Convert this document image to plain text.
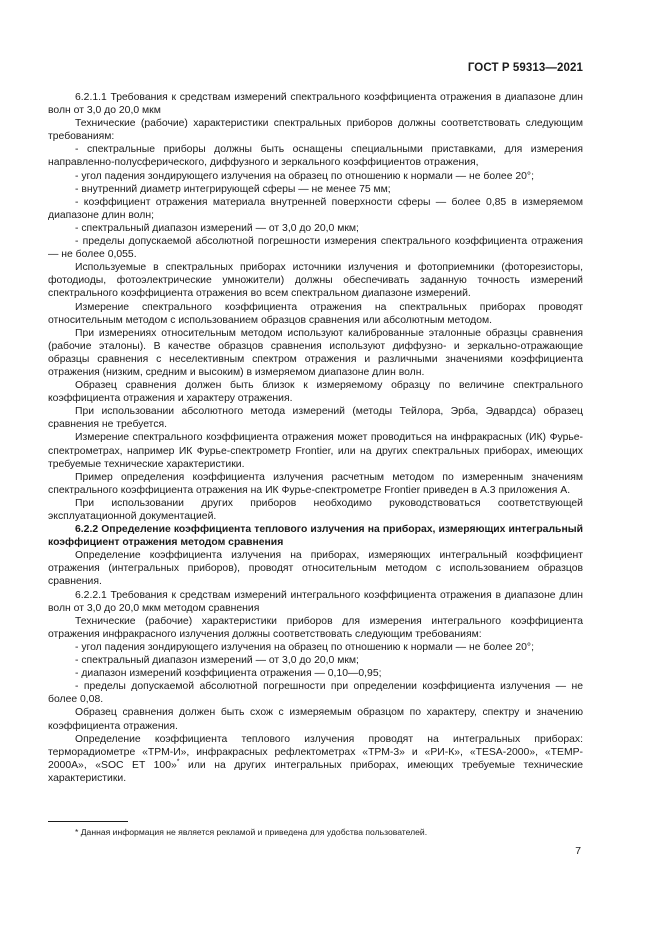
ГОСТ Р 59313—2021

6.2.1.1 Требования к средствам измерений спектрального коэффициента отражения в диапазоне длин волн от 3,0 до 20,0 мкм

Технические (рабочие) характеристики спектральных приборов должны соответствовать следующим требованиям:

- спектральные приборы должны быть оснащены специальными приставками, для измерения направленно-полусферического, диффузного и зеркального коэффициентов отражения,

- угол падения зондирующего излучения на образец по отношению к нормали — не более 20°;

- внутренний диаметр интегрирующей сферы — не менее 75 мм;

- коэффициент отражения материала внутренней поверхности сферы — более 0,85 в измеряемом диапазоне длин волн;

- спектральный диапазон измерений — от 3,0 до 20,0 мкм;

- пределы допускаемой абсолютной погрешности измерения спектрального коэффициента отражения — не более 0,055.

Используемые в спектральных приборах источники излучения и фотоприемники (фоторезисторы, фотодиоды, фотоэлектрические умножители) должны обеспечивать заданную точность измерений спектрального коэффициента отражения во всем спектральном диапазоне измерений.

Измерение спектрального коэффициента отражения на спектральных приборах проводят относительным методом с использованием образцов сравнения или абсолютным методом.

При измерениях относительным методом используют калиброванные эталонные образцы сравнения (рабочие эталоны). В качестве образцов сравнения используют диффузно- и зеркально-отражающие образцы сравнения с неселективным спектром отражения и различными значениями коэффициента отражения (низким, средним и высоким) в измеряемом диапазоне длин волн.

Образец сравнения должен быть близок к измеряемому образцу по величине спектрального коэффициента отражения и характеру отражения.

При использовании абсолютного метода измерений (методы Тейлора, Эрба, Эдвардса) образец сравнения не требуется.

Измерение спектрального коэффициента отражения может проводиться на инфракрасных (ИК) Фурье-спектрометрах, например ИК Фурье-спектрометр Frontier, или на других спектральных приборах, имеющих требуемые технические характеристики.

Пример определения коэффициента излучения расчетным методом по измеренным значениям спектрального коэффициента отражения на ИК Фурье-спектрометре Frontier приведен в А.3 приложения А.

При использовании других приборов необходимо руководствоваться соответствующей эксплуатационной документацией.

6.2.2 Определение коэффициента теплового излучения на приборах, измеряющих интегральный коэффициент отражения методом сравнения

Определение коэффициента излучения на приборах, измеряющих интегральный коэффициент отражения (интегральных приборов), проводят относительным методом с использованием образцов сравнения.

6.2.2.1 Требования к средствам измерений интегрального коэффициента отражения в диапазоне длин волн от 3,0 до 20,0 мкм методом сравнения

Технические (рабочие) характеристики приборов для измерения интегрального коэффициента отражения инфракрасного излучения должны соответствовать следующим требованиям:

- угол падения зондирующего излучения на образец по отношению к нормали — не более 20°;

- спектральный диапазон измерений — от 3,0 до 20,0 мкм;

- диапазон измерений коэффициента отражения — 0,10—0,95;

- пределы допускаемой абсолютной погрешности при определении коэффициента излучения — не более 0,08.

Образец сравнения должен быть схож с измеряемым образцом по характеру, спектру и значению коэффициента отражения.

Определение коэффициента теплового излучения проводят на интегральных приборах: терморадиометре «ТРМ-И», инфракрасных рефлектометрах «ТРМ-3» и «РИ-К», «TESA-2000», «TEMP-2000A», «SOC ET 100»* или на других интегральных приборах, имеющих требуемые технические характеристики.

* Данная информация не является рекламой и приведена для удобства пользователей.
7
